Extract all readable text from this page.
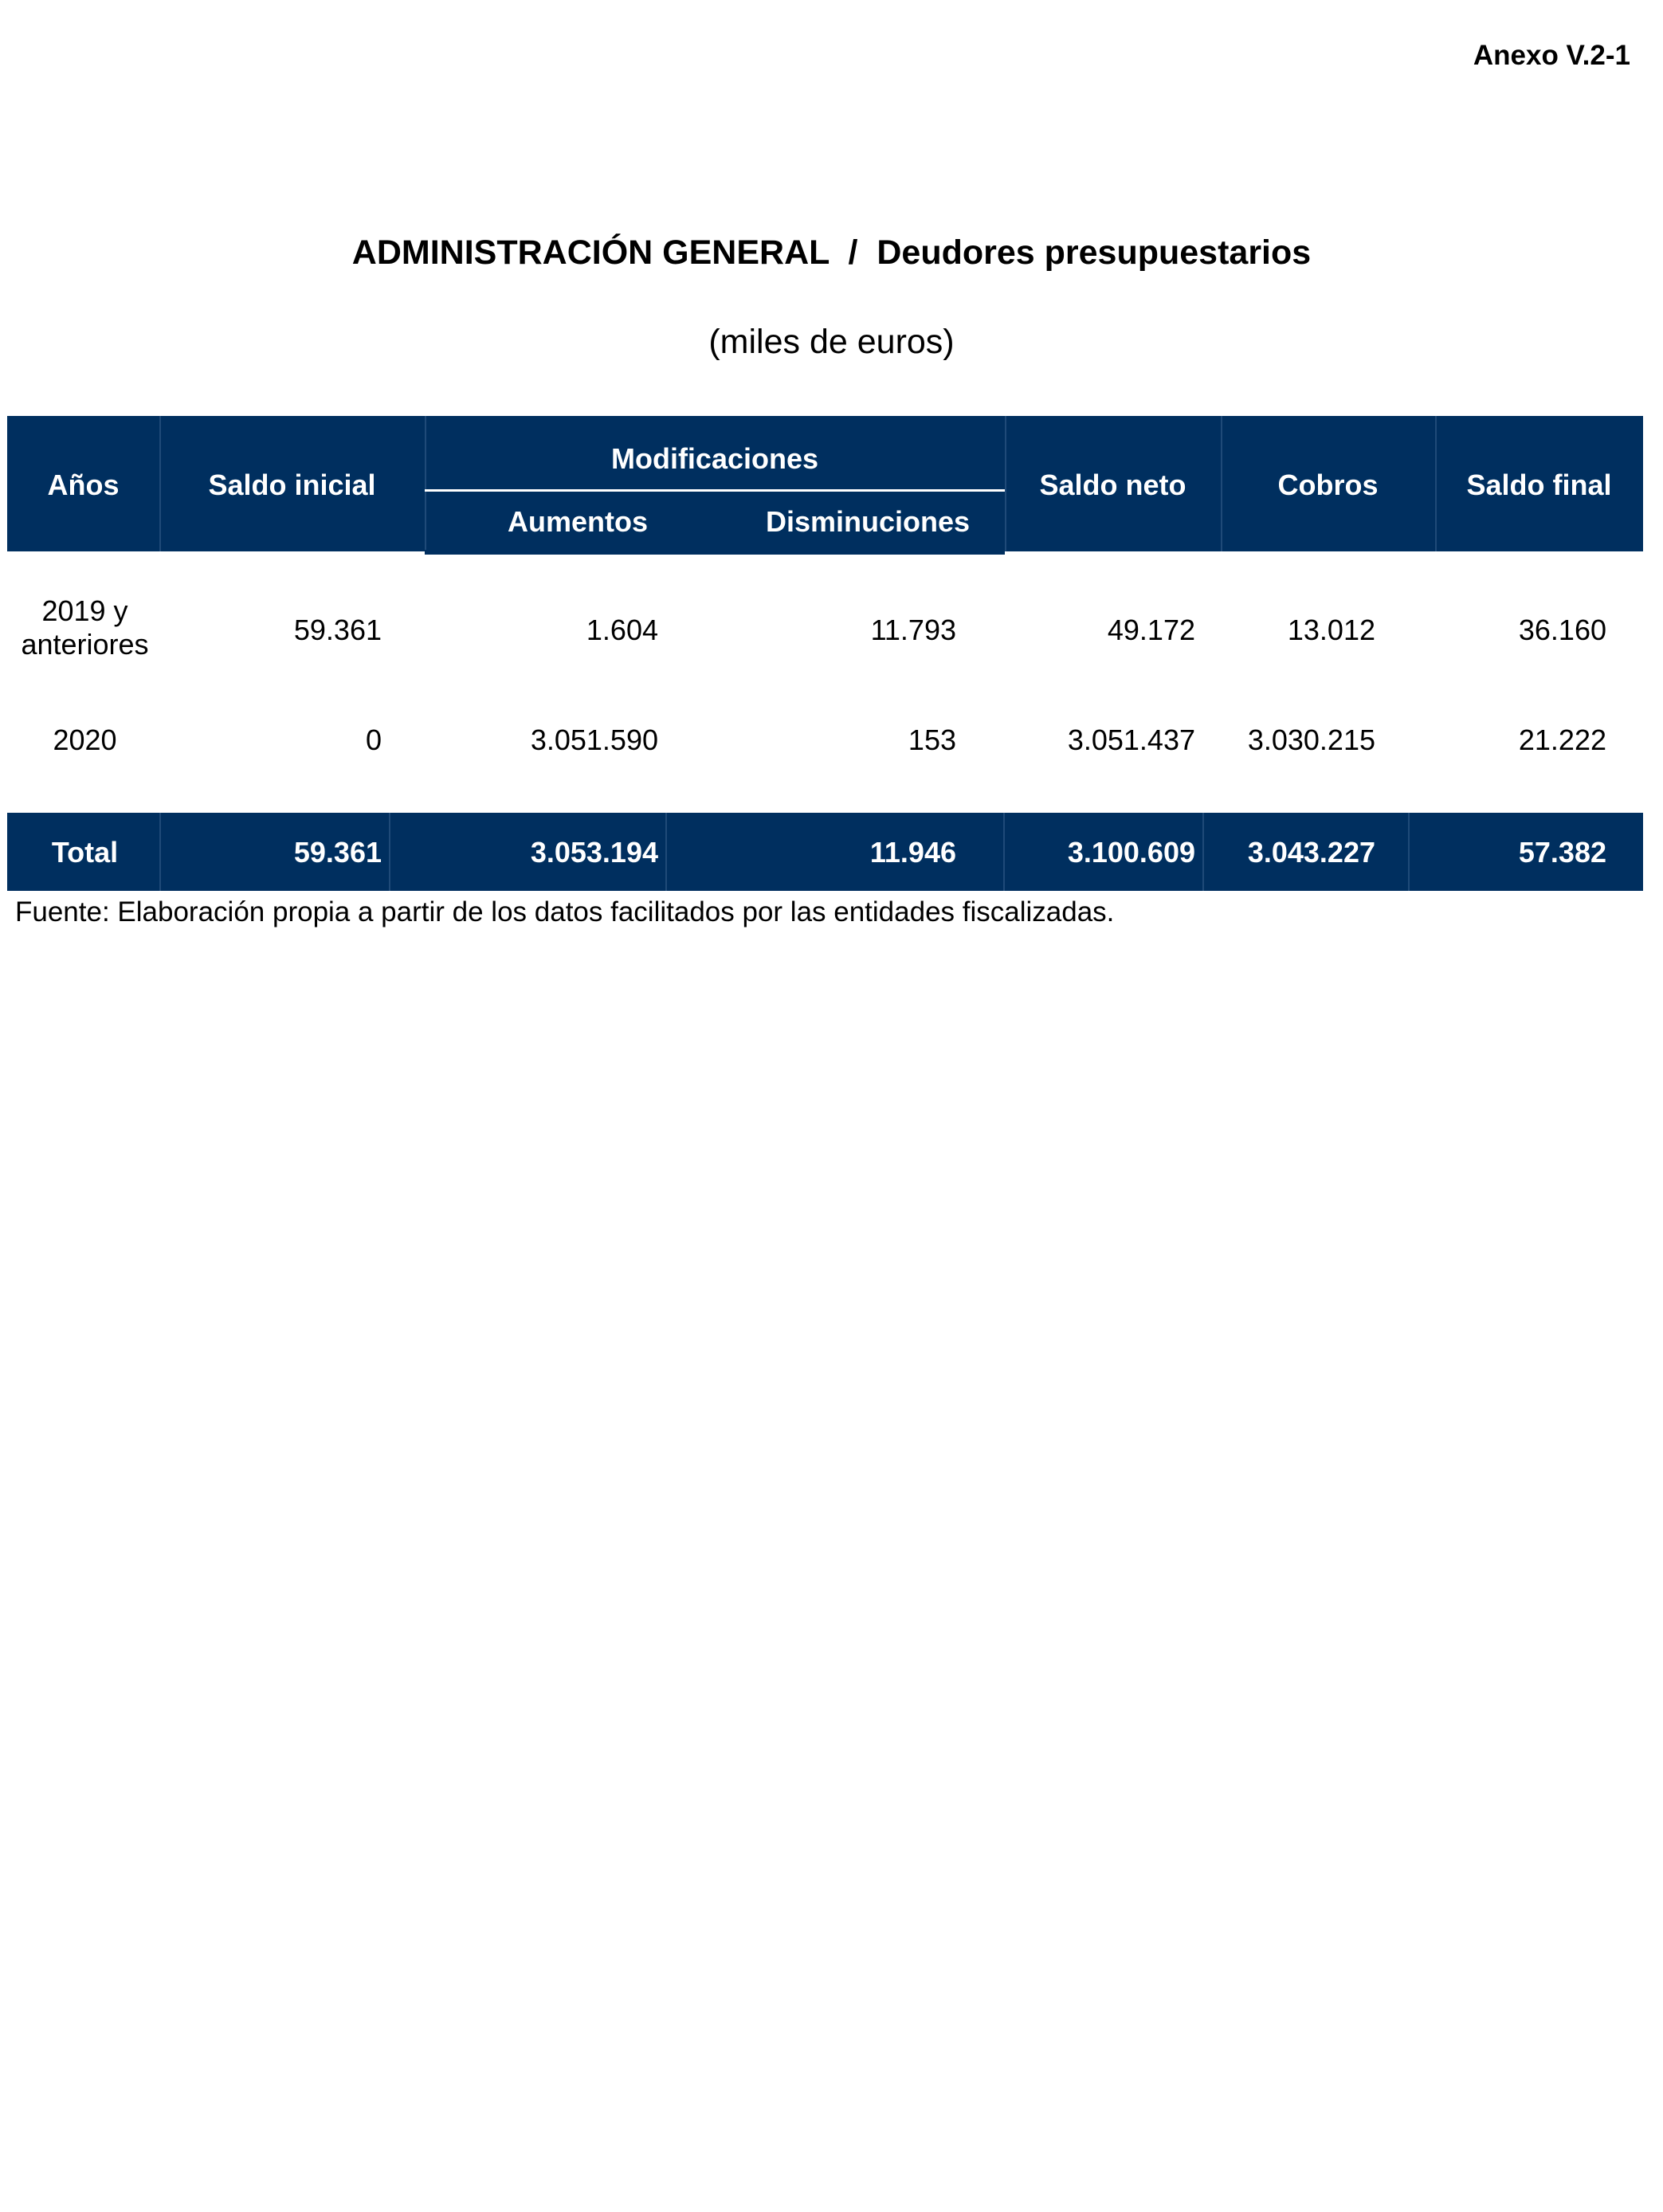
Anexo V.2-1
ADMINISTRACIÓN GENERAL  /  Deudores presupuestarios
(miles de euros)
Años	Saldo inicial
Modificaciones
Aumentos	Disminuciones
Saldo neto	Cobros	Saldo final
2019 y
anteriores	59.361	1.604	11.793	49.172	13.012	36.160
2020	0	3.051.590	153	3.051.437 3.030.215	21.222
Total	59.361	3.053.194	11.946	3.100.609 3.043.227	57.382
Fuente: Elaboración propia a partir de los datos facilitados por las entidades fiscalizadas.
